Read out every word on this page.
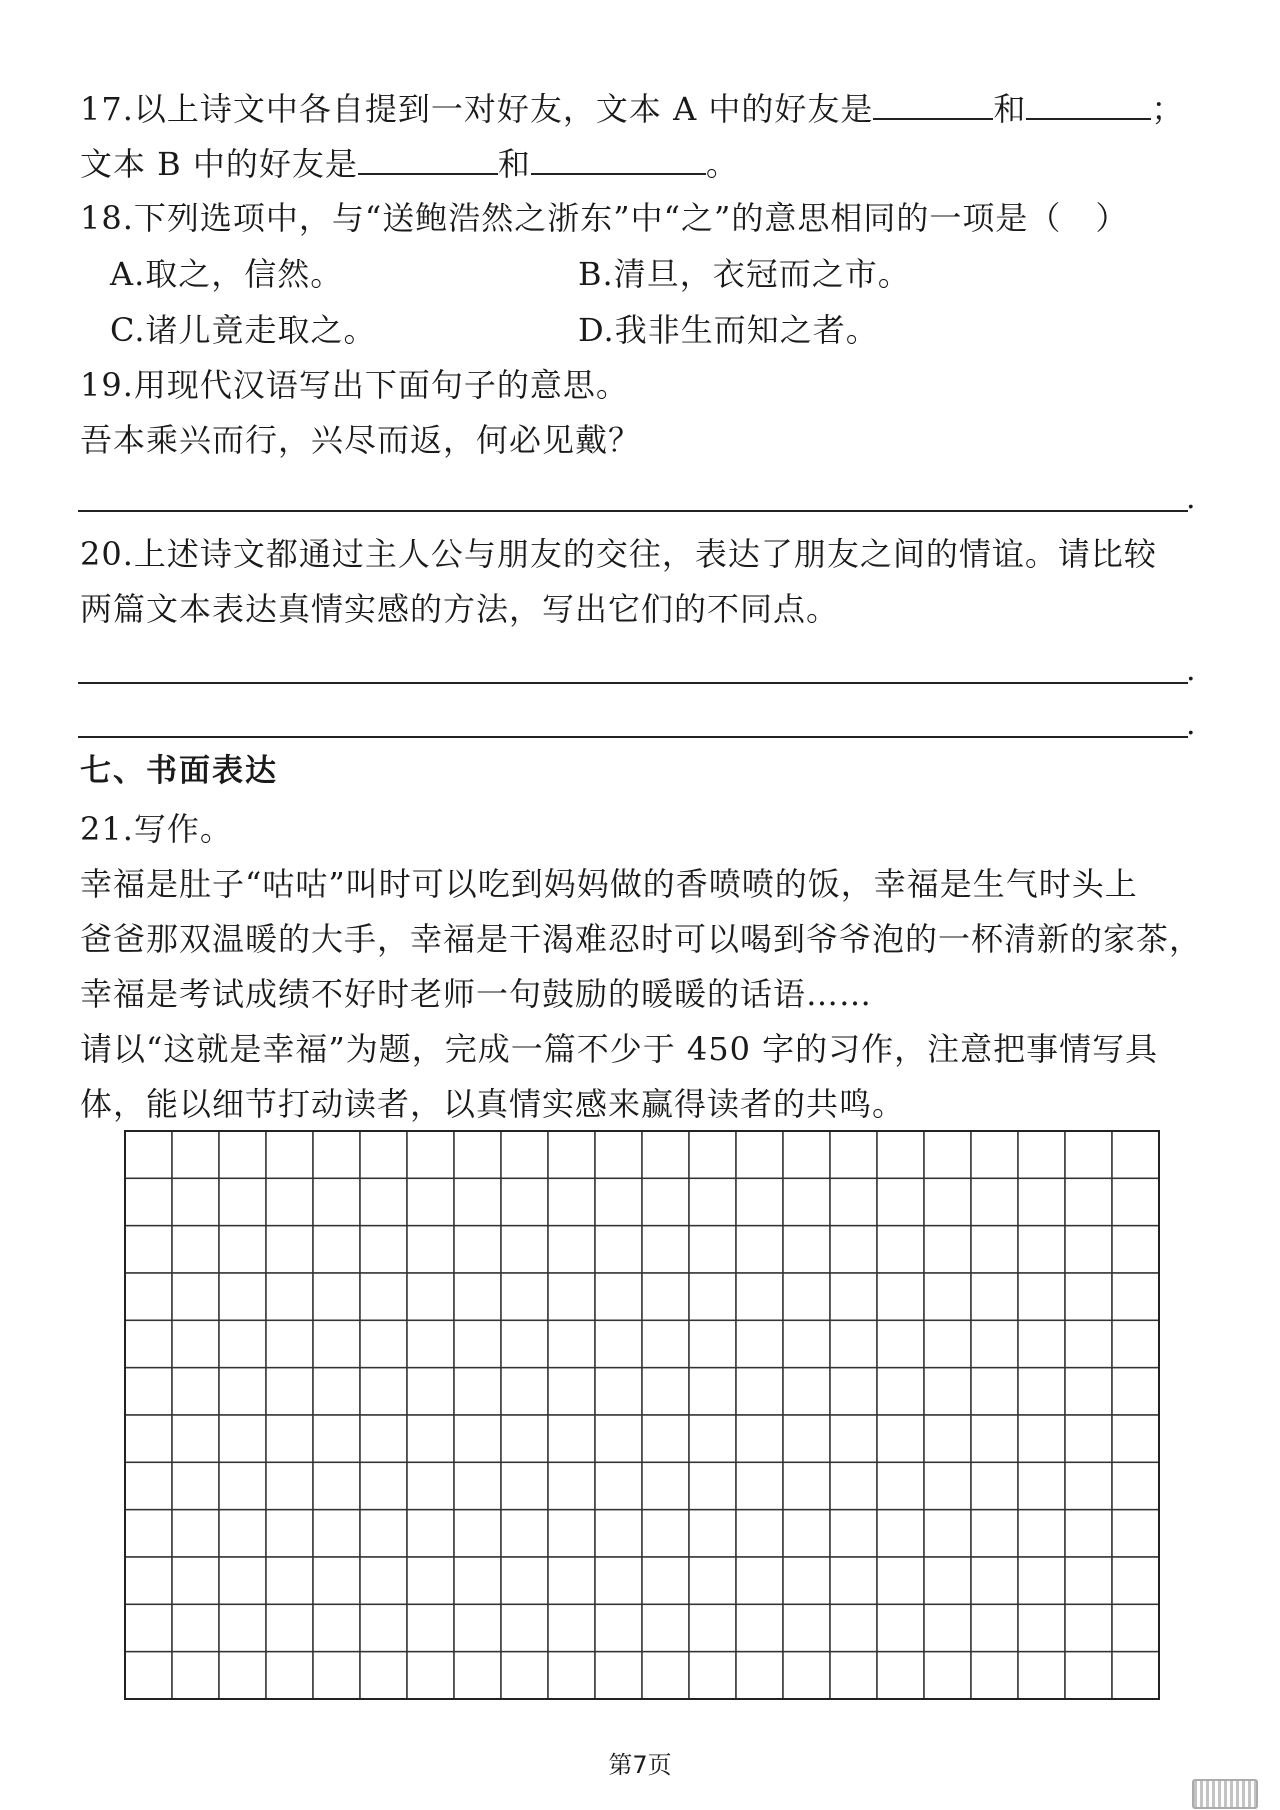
17.以上诗文中各自提到一对好友，文本 A 中的好友是	和	；
文本 B 中的好友是	和	。
18.下列选项中，与“送鲍浩然之浙东”中“之”的意思相同的一项是（ ）
A.取之，信然。	B.清旦，衣冠而之市。
C.诸儿竟走取之。	D.我非生而知之者。
19.用现代汉语写出下面句子的意思。
吾本乘兴而行，兴尽而返，何必见戴？
.
20.上述诗文都通过主人公与朋友的交往，表达了朋友之间的情谊。请比较
两篇文本表达真情实感的方法，写出它们的不同点。
.
.
七、书面表达
21.写作。
幸福是肚子“咕咕”叫时可以吃到妈妈做的香喷喷的饭，幸福是生气时头上
爸爸那双温暖的大手，幸福是干渴难忍时可以喝到爷爷泡的一杯清新的家茶，
幸福是考试成绩不好时老师一句鼓励的暖暖的话语……
请以“这就是幸福”为题，完成一篇不少于 450 字的习作，注意把事情写具
体，能以细节打动读者，以真情实感来赢得读者的共鸣。
第7页
